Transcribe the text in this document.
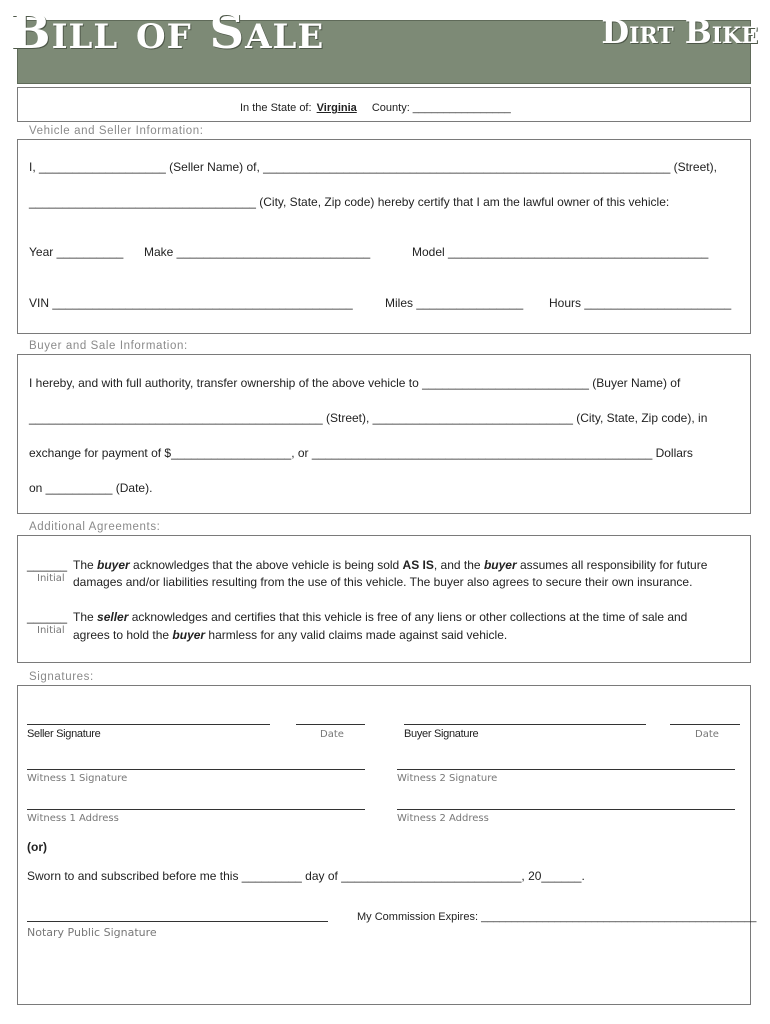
Bill of Sale	Dirt Bike
In the State of: Virginia County: ________________
Vehicle and Seller Information:
I, ___________________ (Seller Name) of, _____________________________________________________________ (Street),
__________________________________ (City, State, Zip code) hereby certify that I am the lawful owner of this vehicle:
Year __________ Make _____________________________	Model _______________________________________
VIN _____________________________________________	Miles ________________ Hours ______________________
Buyer and Sale Information:
I hereby, and with full authority, transfer ownership of the above vehicle to _________________________ (Buyer Name) of
____________________________________________ (Street), ______________________________ (City, State, Zip code), in
exchange for payment of $__________________, or ___________________________________________________ Dollars
on __________ (Date).
Additional Agreements:
______
Initial
The buyer acknowledges that the above vehicle is being sold AS IS, and the buyer assumes all responsibility for future
damages and/or liabilities resulting from the use of this vehicle. The buyer also agrees to secure their own insurance.
______
Initial
The seller acknowledges and certifies that this vehicle is free of any liens or other collections at the time of sale and
agrees to hold the buyer harmless for any valid claims made against said vehicle.
Signatures:
Seller Signature	Date	Buyer Signature	Date
Witness 1 Signature	Witness 2 Signature
Witness 1 Address	Witness 2 Address
(or)
Sworn to and subscribed before me this _________ day of ___________________________, 20______.
My Commission Expires: _____________________________________________
Notary Public Signature
